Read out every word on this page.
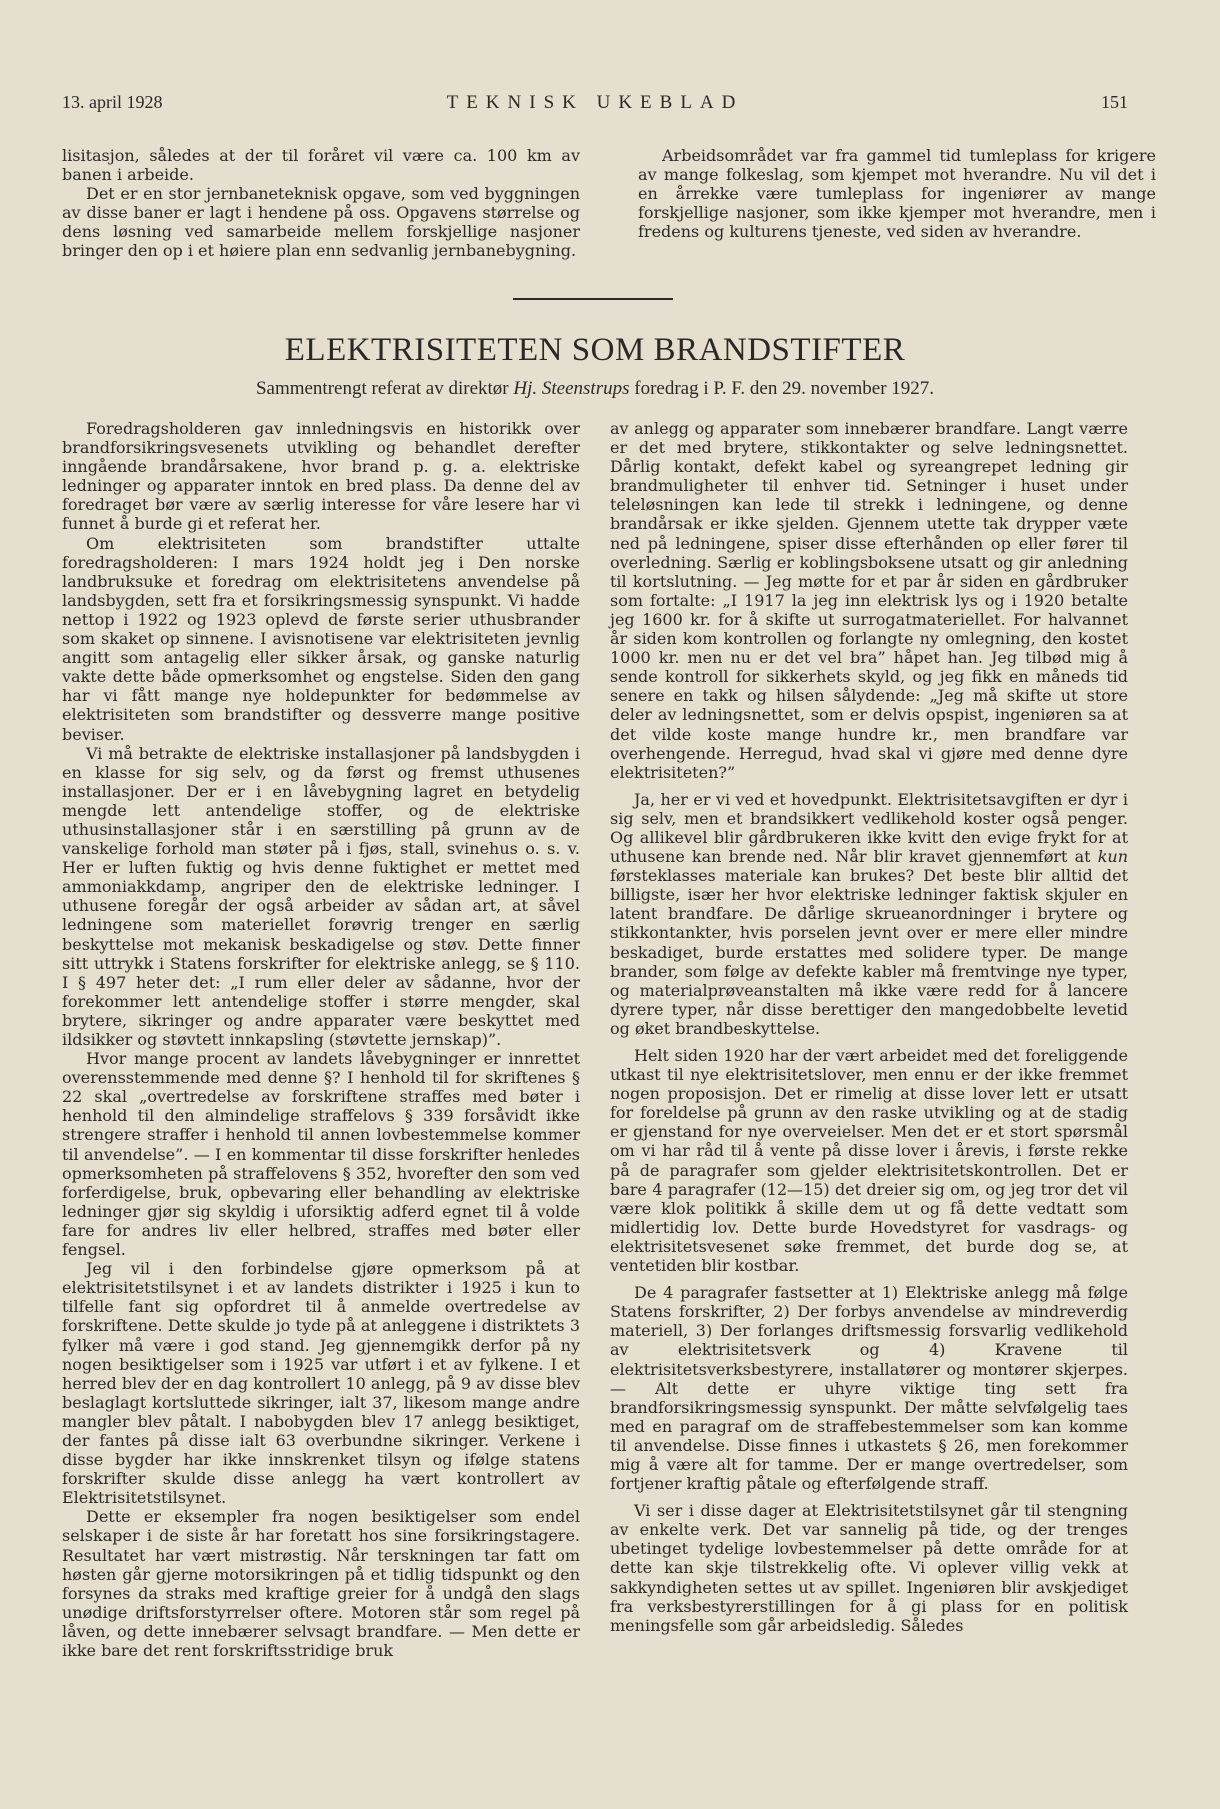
13. april 1928	TEKNISK UKEBLAD	151

lisitasjon, således at der til foråret vil være ca. 100 km av banen i arbeide.

Det er en stor jernbaneteknisk opgave, som ved byggningen av disse baner er lagt i hendene på oss. Opgavens størrelse og dens løsning ved samarbeide mellem forskjellige nasjoner bringer den op i et høiere plan enn sedvanlig jernbanebygning.

Arbeidsområdet var fra gammel tid tumleplass for krigere av mange folkeslag, som kjempet mot hverandre. Nu vil det i en årrekke være tumleplass for ingeniører av mange forskjellige nasjoner, som ikke kjemper mot hverandre, men i fredens og kulturens tjeneste, ved siden av hverandre.

ELEKTRISITETEN SOM BRANDSTIFTER
Sammentrengt referat av direktør Hj. Steenstrups foredrag i P. F. den 29. november 1927.

Foredragsholderen gav innledningsvis en historikk over brandforsikringsvesenets utvikling og behandlet derefter inngående brandårsakene, hvor brand p. g. a. elektriske ledninger og apparater inntok en bred plass. Da denne del av foredraget bør være av særlig interesse for våre lesere har vi funnet å burde gi et referat her.

Om elektrisiteten som brandstifter uttalte foredragsholderen: I mars 1924 holdt jeg i Den norske landbruksuke et foredrag om elektrisitetens anvendelse på landsbygden, sett fra et forsikringsmessig synspunkt. Vi hadde nettop i 1922 og 1923 oplevd de første serier uthusbrander som skaket op sinnene. I avisnotisene var elektrisiteten jevnlig angitt som antagelig eller sikker årsak, og ganske naturlig vakte dette både opmerksomhet og engstelse. Siden den gang har vi fått mange nye holdepunkter for bedømmelse av elektrisiteten som brandstifter og dessverre mange positive beviser.

Vi må betrakte de elektriske installasjoner på landsbygden i en klasse for sig selv, og da først og fremst uthusenes installasjoner. Der er i en låvebygning lagret en betydelig mengde lett antendelige stoffer, og de elektriske uthusinstallasjoner står i en særstilling på grunn av de vanskelige forhold man støter på i fjøs, stall, svinehus o. s. v. Her er luften fuktig og hvis denne fuktighet er mettet med ammoniakkdamp, angriper den de elektriske ledninger. I uthusene foregår der også arbeider av sådan art, at såvel ledningene som materiellet forøvrig trenger en særlig beskyttelse mot mekanisk beskadigelse og støv. Dette finner sitt uttrykk i Statens forskrifter for elektriske anlegg, se § 110. I § 497 heter det: „I rum eller deler av sådanne, hvor der forekommer lett antendelige stoffer i større mengder, skal brytere, sikringer og andre apparater være beskyttet med ildsikker og støvtett innkapsling (støvtette jernskap)”.

Hvor mange procent av landets låvebygninger er innrettet overensstemmende med denne §? I henhold til for skriftenes § 22 skal „overtredelse av forskriftene straffes med bøter i henhold til den almindelige straffelovs § 339 forsåvidt ikke strengere straffer i henhold til annen lovbestemmelse kommer til anvendelse”. — I en kommentar til disse forskrifter henledes opmerksomheten på straffelovens § 352, hvorefter den som ved forferdigelse, bruk, opbevaring eller behandling av elektriske ledninger gjør sig skyldig i uforsiktig adferd egnet til å volde fare for andres liv eller helbred, straffes med bøter eller fengsel.

Jeg vil i den forbindelse gjøre opmerksom på at elektrisitetstilsynet i et av landets distrikter i 1925 i kun to tilfelle fant sig opfordret til å anmelde overtredelse av forskriftene. Dette skulde jo tyde på at anleggene i distriktets 3 fylker må være i god stand. Jeg gjennemgikk derfor på ny nogen besiktigelser som i 1925 var utført i et av fylkene. I et herred blev der en dag kontrollert 10 anlegg, på 9 av disse blev beslaglagt kortsluttede sikringer, ialt 37, likesom mange andre mangler blev påtalt. I nabobygden blev 17 anlegg besiktiget, der fantes på disse ialt 63 overbundne sikringer. Verkene i disse bygder har ikke innskrenket tilsyn og ifølge statens forskrifter skulde disse anlegg ha vært kontrollert av Elektrisitetstilsynet.

Dette er eksempler fra nogen besiktigelser som endel selskaper i de siste år har foretatt hos sine forsikringstagere. Resultatet har vært mistrøstig. Når terskningen tar fatt om høsten går gjerne motorsikringen på et tidlig tidspunkt og den forsynes da straks med kraftige greier for å undgå den slags unødige driftsforstyrrelser oftere. Motoren står som regel på låven, og dette innebærer selvsagt brandfare. — Men dette er ikke bare det rent forskriftsstridige bruk

av anlegg og apparater som innebærer brandfare. Langt værre er det med brytere, stikkontakter og selve ledningsnettet. Dårlig kontakt, defekt kabel og syreangrepet ledning gir brandmuligheter til enhver tid. Setninger i huset under teleløsningen kan lede til strekk i ledningene, og denne brandårsak er ikke sjelden. Gjennem utette tak drypper væte ned på ledningene, spiser disse efterhånden op eller fører til overledning. Særlig er koblingsboksene utsatt og gir anledning til kortslutning. — Jeg møtte for et par år siden en gårdbruker som fortalte: „I 1917 la jeg inn elektrisk lys og i 1920 betalte jeg 1600 kr. for å skifte ut surrogatmateriellet. For halvannet år siden kom kontrollen og forlangte ny omlegning, den kostet 1000 kr. men nu er det vel bra” håpet han. Jeg tilbød mig å sende kontroll for sikkerhets skyld, og jeg fikk en måneds tid senere en takk og hilsen sålydende: „Jeg må skifte ut store deler av ledningsnettet, som er delvis opspist, ingeniøren sa at det vilde koste mange hundre kr., men brandfare var overhengende. Herregud, hvad skal vi gjøre med denne dyre elektrisiteten?”

Ja, her er vi ved et hovedpunkt. Elektrisitetsavgiften er dyr i sig selv, men et brandsikkert vedlikehold koster også penger. Og allikevel blir gårdbrukeren ikke kvitt den evige frykt for at uthusene kan brende ned. Når blir kravet gjennemført at kun førsteklasses materiale kan brukes? Det beste blir alltid det billigste, især her hvor elektriske ledninger faktisk skjuler en latent brandfare. De dårlige skrueanordninger i brytere og stikkontankter, hvis porselen jevnt over er mere eller mindre beskadiget, burde erstattes med solidere typer. De mange brander, som følge av defekte kabler må fremtvinge nye typer, og materialprøveanstalten må ikke være redd for å lancere dyrere typer, når disse berettiger den mangedobbelte levetid og øket brandbeskyttelse.

Helt siden 1920 har der vært arbeidet med det foreliggende utkast til nye elektrisitetslover, men ennu er der ikke fremmet nogen proposisjon. Det er rimelig at disse lover lett er utsatt for foreldelse på grunn av den raske utvikling og at de stadig er gjenstand for nye overveielser. Men det er et stort spørsmål om vi har råd til å vente på disse lover i årevis, i første rekke på de paragrafer som gjelder elektrisitetskontrollen. Det er bare 4 paragrafer (12—15) det dreier sig om, og jeg tror det vil være klok politikk å skille dem ut og få dette vedtatt som midlertidig lov. Dette burde Hovedstyret for vasdrags- og elektrisitetsvesenet søke fremmet, det burde dog se, at ventetiden blir kostbar.

De 4 paragrafer fastsetter at 1) Elektriske anlegg må følge Statens forskrifter, 2) Der forbys anvendelse av mindreverdig materiell, 3) Der forlanges driftsmessig forsvarlig vedlikehold av elektrisitetsverk og 4) Kravene til elektrisitetsverksbestyrere, installatører og montører skjerpes. — Alt dette er uhyre viktige ting sett fra brandforsikringsmessig synspunkt. Der måtte selvfølgelig taes med en paragraf om de straffebestemmelser som kan komme til anvendelse. Disse finnes i utkastets § 26, men forekommer mig å være alt for tamme. Der er mange overtredelser, som fortjener kraftig påtale og efterfølgende straff.

Vi ser i disse dager at Elektrisitetstilsynet går til stengning av enkelte verk. Det var sannelig på tide, og der trenges ubetinget tydelige lovbestemmelser på dette område for at dette kan skje tilstrekkelig ofte. Vi oplever villig vekk at sakkyndigheten settes ut av spillet. Ingeniøren blir avskjediget fra verksbestyrerstillingen for å gi plass for en politisk meningsfelle som går arbeidsledig. Således
